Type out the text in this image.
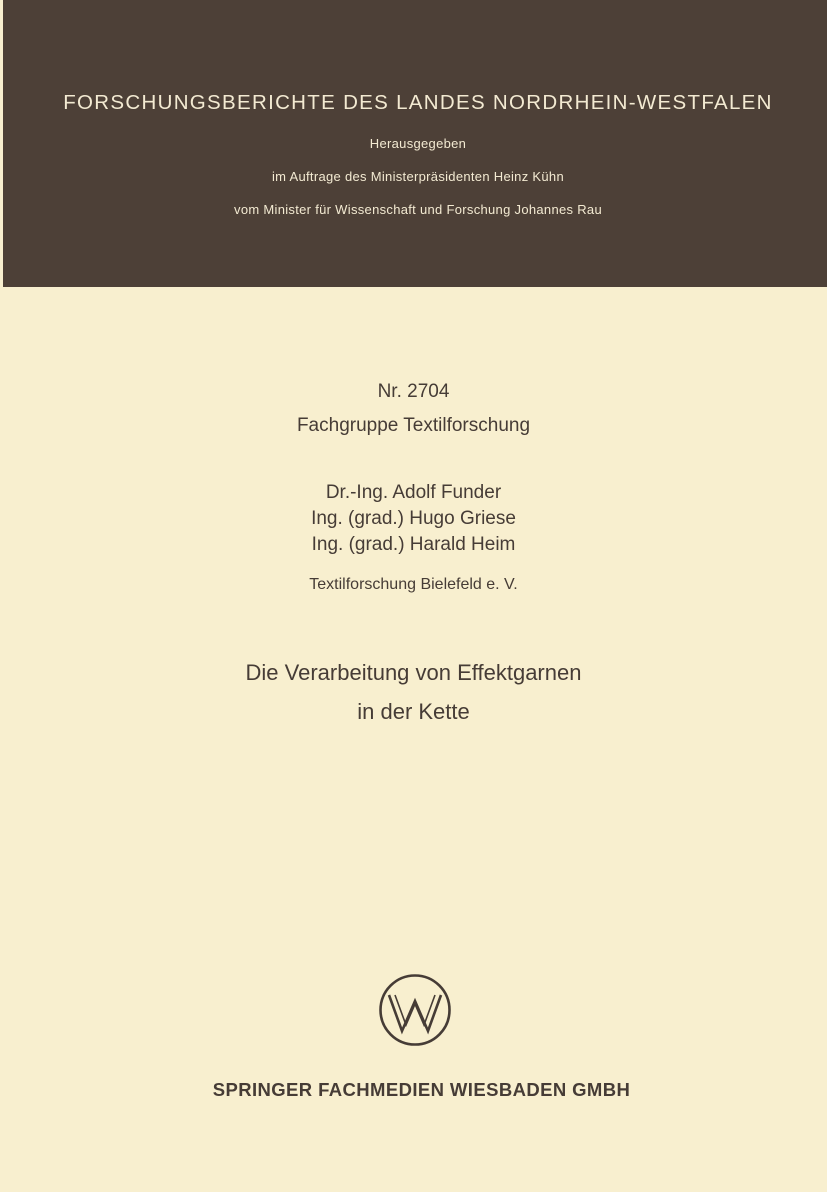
FORSCHUNGSBERICHTE DES LANDES NORDRHEIN-WESTFALEN
Herausgegeben
im Auftrage des Ministerpräsidenten Heinz Kühn
vom Minister für Wissenschaft und Forschung Johannes Rau
Nr. 2704
Fachgruppe Textilforschung
Dr.-Ing. Adolf Funder
Ing. (grad.) Hugo Griese
Ing. (grad.) Harald Heim
Textilforschung Bielefeld e. V.
Die Verarbeitung von Effektgarnen
in der Kette
SPRINGER FACHMEDIEN WIESBADEN GMBH
